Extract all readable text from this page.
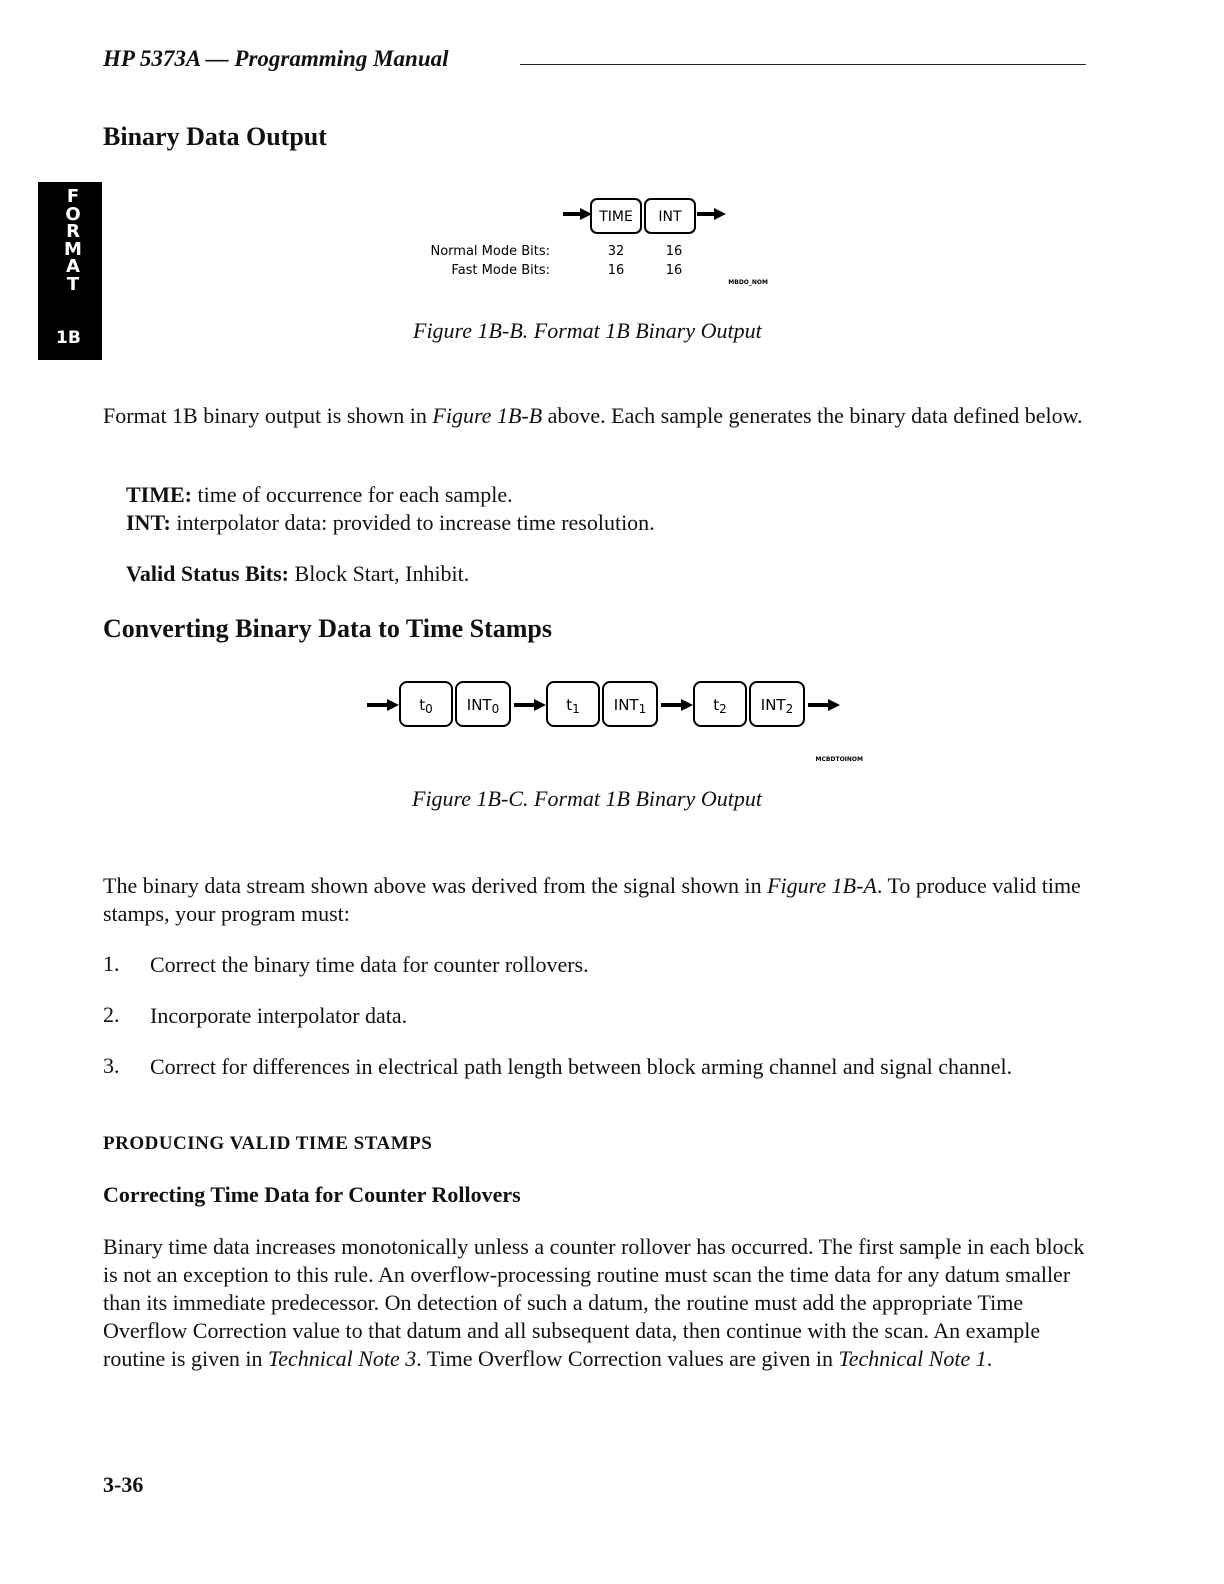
HP 5373A — Programming Manual
Binary Data Output
F
O
R
M
A
T
1B
TIME INT
Normal Mode Bits:	32	16
Fast Mode Bits:	16	16
MBDO_NOM
Figure 1B-B. Format 1B Binary Output
Format 1B binary output is shown in Figure 1B-B above. Each sample generates the binary data defined below.
TIME: time of occurrence for each sample.
INT: interpolator data: provided to increase time resolution.
Valid Status Bits: Block Start, Inhibit.
Converting Binary Data to Time Stamps
$t_0$ $INT_0$	$t_1$ $INT_1$	$t_2$ $INT_2$
MCBDTOINOM
Figure 1B-C. Format 1B Binary Output
The binary data stream shown above was derived from the signal shown in Figure 1B-A. To produce valid time stamps, your program must:
1. Correct the binary time data for counter rollovers.
2. Incorporate interpolator data.
3. Correct for differences in electrical path length between block arming channel and signal channel.
PRODUCING VALID TIME STAMPS
Correcting Time Data for Counter Rollovers
Binary time data increases monotonically unless a counter rollover has occurred. The first sample in each block is not an exception to this rule. An overflow-processing routine must scan the time data for any datum smaller than its immediate predecessor. On detection of such a datum, the routine must add the appropriate Time Overflow Correction value to that datum and all subsequent data, then continue with the scan. An example routine is given in Technical Note 3. Time Overflow Correction values are given in Technical Note 1.
3-36
